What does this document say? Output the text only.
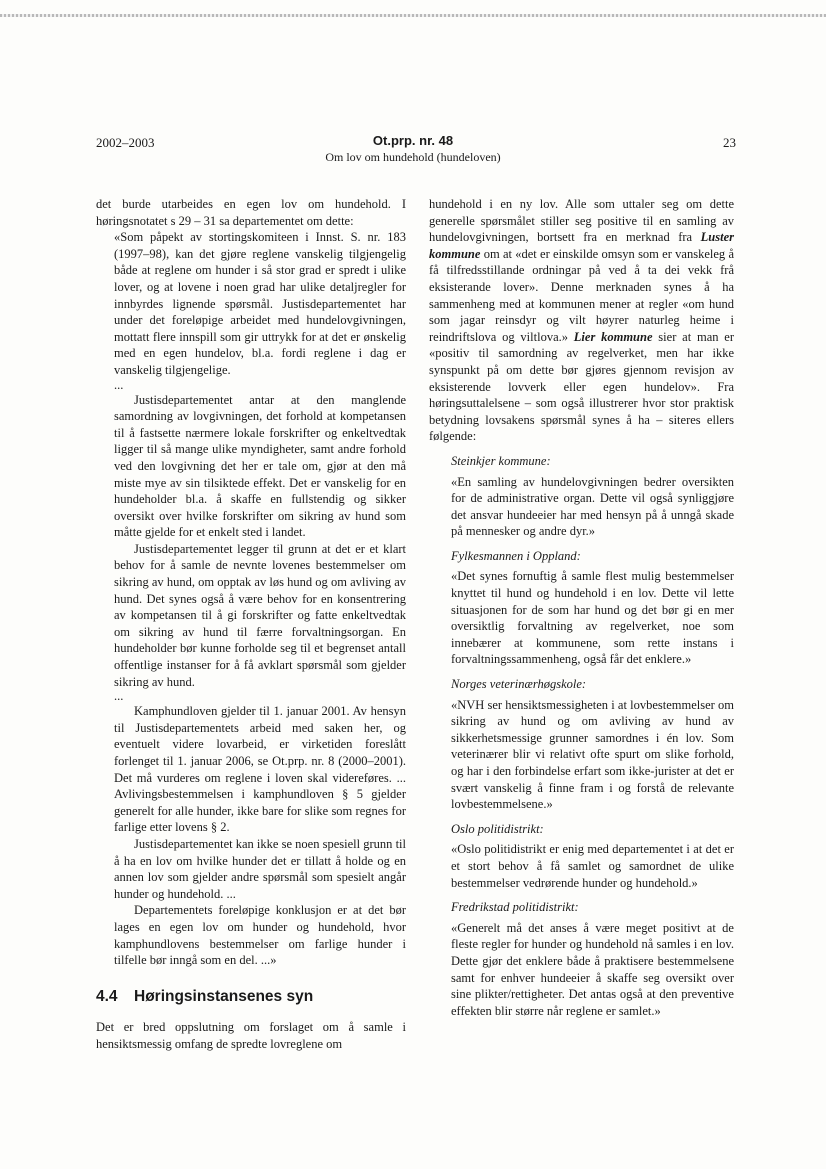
2002–2003	Ot.prp. nr. 48
Om lov om hundehold (hundeloven)
23

det burde utarbeides en egen lov om hundehold. I høringsnotatet s 29 – 31 sa departementet om dette:

«Som påpekt av stortingskomiteen i Innst. S. nr. 183 (1997–98), kan det gjøre reglene vanskelig tilgjengelig både at reglene om hunder i så stor grad er spredt i ulike lover, og at lovene i noen grad har ulike detaljregler for innbyrdes lignende spørsmål. Justisdepartementet har under det foreløpige arbeidet med hundelovgivningen, mottatt flere innspill som gir uttrykk for at det er ønskelig med en egen hundelov, bl.a. fordi reglene i dag er vanskelig tilgjengelige.

...

Justisdepartementet antar at den manglende samordning av lovgivningen, det forhold at kompetansen til å fastsette nærmere lokale forskrifter og enkeltvedtak ligger til så mange ulike myndigheter, samt andre forhold ved den lovgivning det her er tale om, gjør at den må miste mye av sin tilsiktede effekt. Det er vanskelig for en hundeholder bl.a. å skaffe en fullstendig og sikker oversikt over hvilke forskrifter om sikring av hund som måtte gjelde for et enkelt sted i landet.

Justisdepartementet legger til grunn at det er et klart behov for å samle de nevnte lovenes bestemmelser om sikring av hund, om opptak av løs hund og om avliving av hund. Det synes også å være behov for en konsentrering av kompetansen til å gi forskrifter og fatte enkeltvedtak om sikring av hund til færre forvaltningsorgan. En hundeholder bør kunne forholde seg til et begrenset antall offentlige instanser for å få avklart spørsmål som gjelder sikring av hund.

...

Kamphundloven gjelder til 1. januar 2001. Av hensyn til Justisdepartementets arbeid med saken her, og eventuelt videre lovarbeid, er virketiden foreslått forlenget til 1. januar 2006, se Ot.prp. nr. 8 (2000–2001). Det må vurderes om reglene i loven skal videreføres. ... Avlivingsbestemmelsen i kamphundloven § 5 gjelder generelt for alle hunder, ikke bare for slike som regnes for farlige etter lovens § 2.

Justisdepartementet kan ikke se noen spesiell grunn til å ha en lov om hvilke hunder det er tillatt å holde og en annen lov som gjelder andre spørsmål som spesielt angår hunder og hundehold. ...

Departementets foreløpige konklusjon er at det bør lages en egen lov om hunder og hundehold, hvor kamphundlovens bestemmelser om farlige hunder i tilfelle bør inngå som en del. ...»

4.4 Høringsinstansenes syn

Det er bred oppslutning om forslaget om å samle i hensiktsmessig omfang de spredte lovreglene om

hundehold i en ny lov. Alle som uttaler seg om dette generelle spørsmålet stiller seg positive til en samling av hundelovgivningen, bortsett fra en merknad fra Luster kommune om at «det er einskilde omsyn som er vanskeleg å få tilfredsstillande ordningar på ved å ta dei vekk frå eksisterande lover». Denne merknaden synes å ha sammenheng med at kommunen mener at regler «om hund som jagar reinsdyr og vilt høyrer naturleg heime i reindriftslova og viltlova.» Lier kommune sier at man er «positiv til samordning av regelverket, men har ikke synspunkt på om dette bør gjøres gjennom revisjon av eksisterende lovverk eller egen hundelov». Fra høringsuttalelsene – som også illustrerer hvor stor praktisk betydning lovsakens spørsmål synes å ha – siteres ellers følgende:

Steinkjer kommune:

«En samling av hundelovgivningen bedrer oversikten for de administrative organ. Dette vil også synliggjøre det ansvar hundeeier har med hensyn på å unngå skade på mennesker og andre dyr.»

Fylkesmannen i Oppland:

«Det synes fornuftig å samle flest mulig bestemmelser knyttet til hund og hundehold i en lov. Dette vil lette situasjonen for de som har hund og det bør gi en mer oversiktlig forvaltning av regelverket, noe som innebærer at kommunene, som rette instans i forvaltningssammenheng, også får det enklere.»

Norges veterinærhøgskole:

«NVH ser hensiktsmessigheten i at lovbestemmelser om sikring av hund og om avliving av hund av sikkerhetsmessige grunner samordnes i én lov. Som veterinærer blir vi relativt ofte spurt om slike forhold, og har i den forbindelse erfart som ikke-jurister at det er svært vanskelig å finne fram i og forstå de relevante lovbestemmelsene.»

Oslo politidistrikt:

«Oslo politidistrikt er enig med departementet i at det er et stort behov å få samlet og samordnet de ulike bestemmelser vedrørende hunder og hundehold.»

Fredrikstad politidistrikt:

«Generelt må det anses å være meget positivt at de fleste regler for hunder og hundehold nå samles i en lov. Dette gjør det enklere både å praktisere bestemmelsene samt for enhver hundeeier å skaffe seg oversikt over sine plikter/rettigheter. Det antas også at den preventive effekten blir større når reglene er samlet.»
